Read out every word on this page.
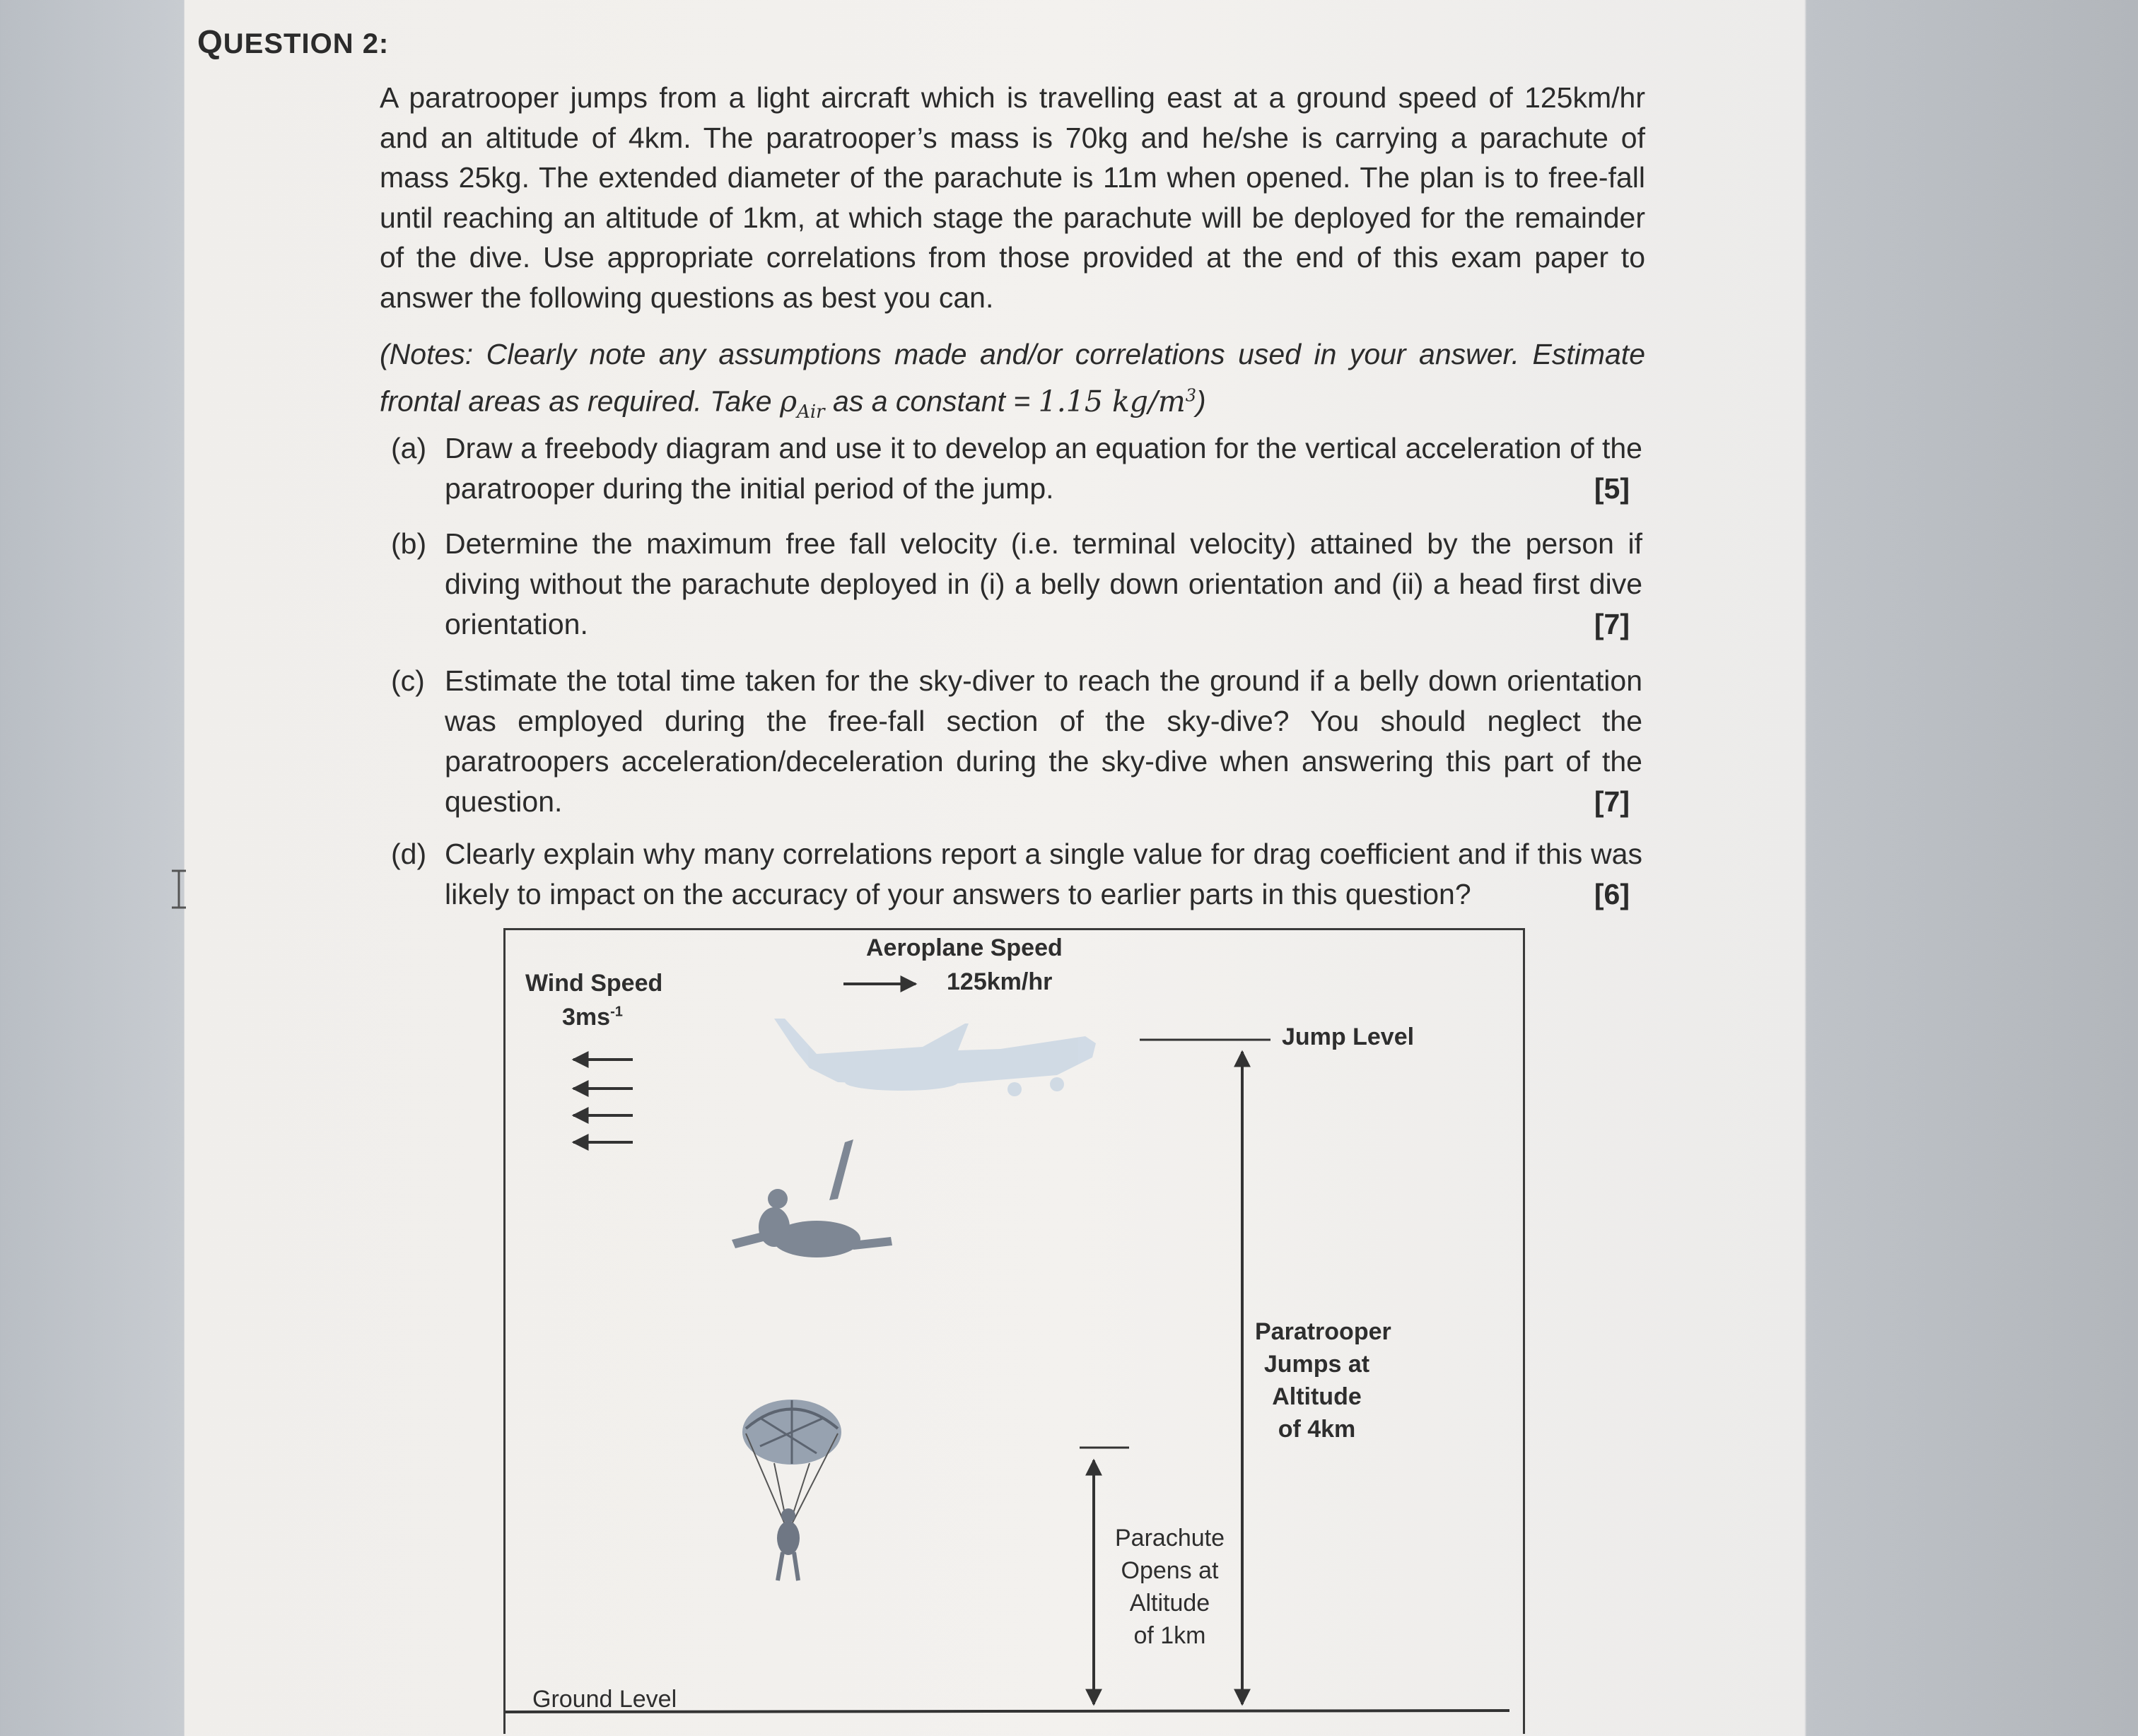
QUESTION 2:
A paratrooper jumps from a light aircraft which is travelling east at a ground speed of 125km/hr and an altitude of 4km. The paratrooper’s mass is 70kg and he/she is carrying a parachute of mass 25kg. The extended diameter of the parachute is 11m when opened. The plan is to free-fall until reaching an altitude of 1km, at which stage the parachute will be deployed for the remainder of the dive. Use appropriate correlations from those provided at the end of this exam paper to answer the following questions as best you can.
(Notes: Clearly note any assumptions made and/or correlations used in your answer. Estimate frontal areas as required. Take $\rho_{Air}$ as a constant = 1.15 $kg/m^3$)
(a) Draw a freebody diagram and use it to develop an equation for the vertical acceleration of the paratrooper during the initial period of the jump.	[5]
(b) Determine the maximum free fall velocity (i.e. terminal velocity) attained by the person if diving without the parachute deployed in (i) a belly down orientation and (ii) a head first dive orientation.	[7]
(c) Estimate the total time taken for the sky-diver to reach the ground if a belly down orientation was employed during the free-fall section of the sky-dive? You should neglect the paratroopers acceleration/deceleration during the sky-dive when answering this part of the question.	[7]
(d) Clearly explain why many correlations report a single value for drag coefficient and if this was likely to impact on the accuracy of your answers to earlier parts in this question?	[6]
Wind Speed
$3ms^{-1}$
Aeroplane Speed
125km/hr
Jump Level
Paratrooper
Jumps at
Altitude
of 4km
Parachute
Opens at
Altitude
of 1km
Ground Level
